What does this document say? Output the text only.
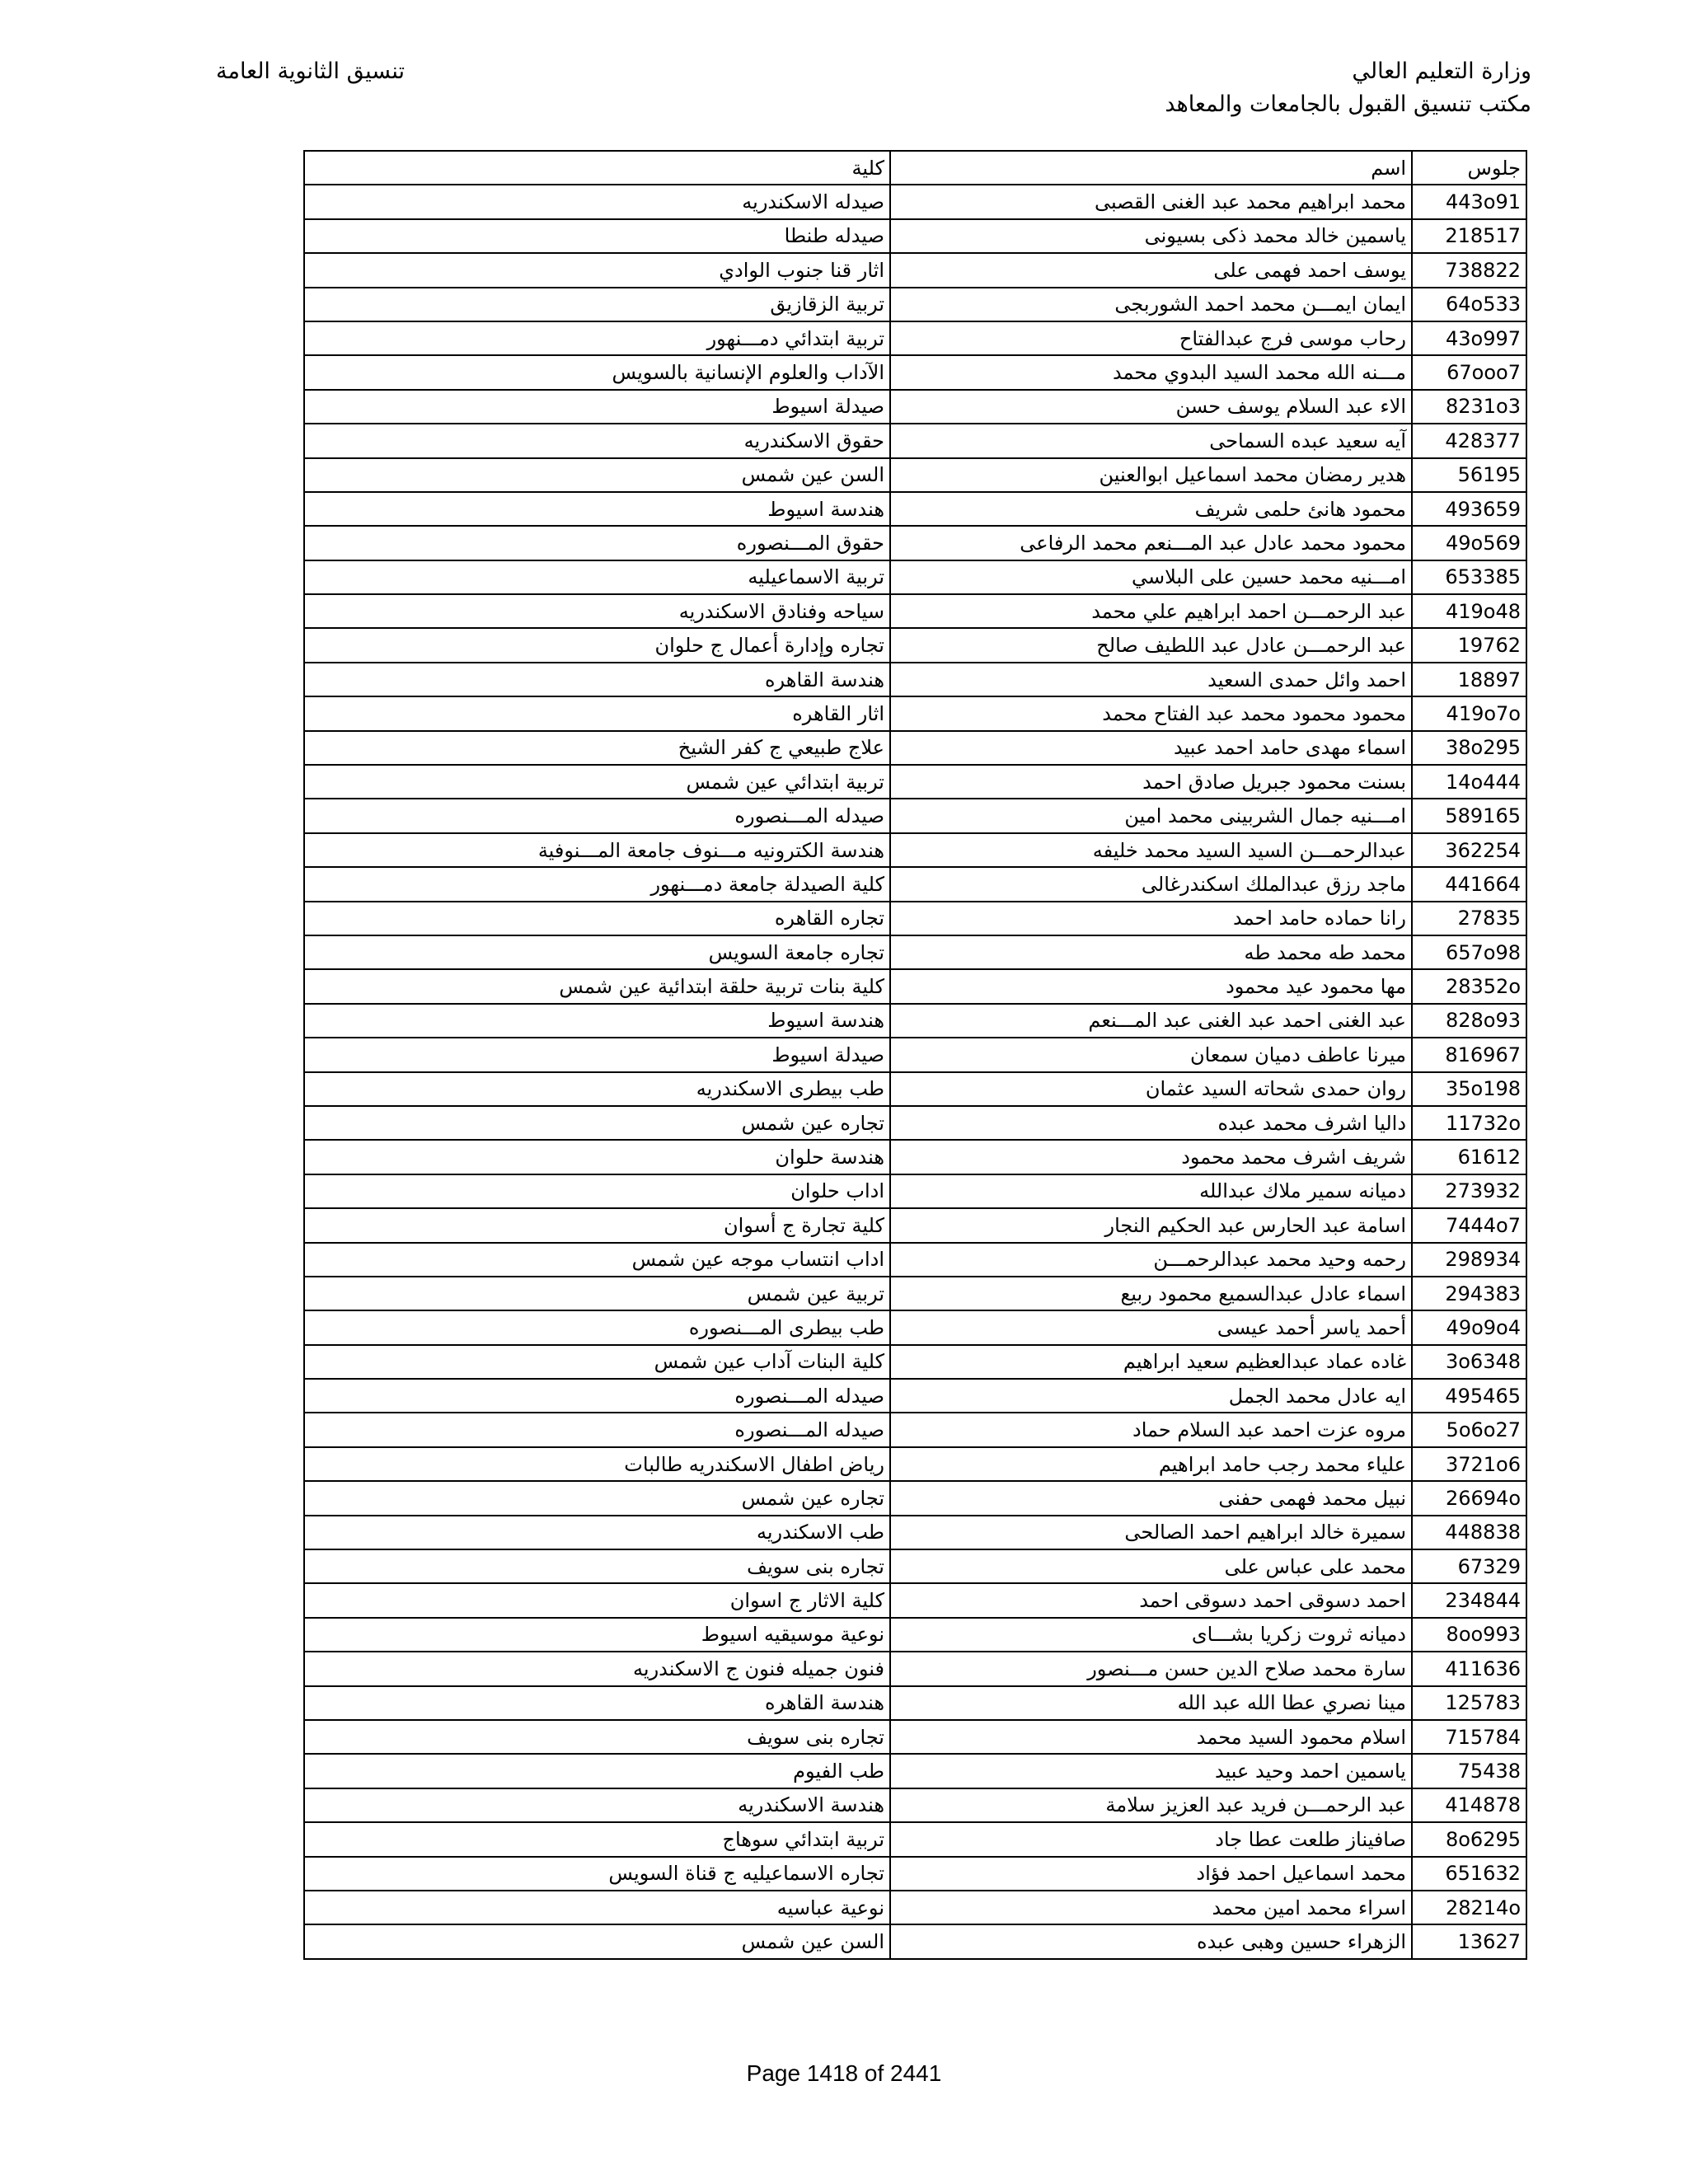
وزارة التعليم العالي
مكتب تنسيق القبول بالجامعات والمعاهد
تنسيق الثانوية العامة
جلوس	اسم	كلية
443o91	محمد ابراهيم محمد عبد الغنى القصبى	صيدله الاسكندريه
218517	ياسمين خالد محمد ذكى بسيونى	صيدله طنطا
738822	يوسف احمد فهمى على	اثار قنا جنوب الوادي
64o533	ايمان ايمـــن محمد احمد الشوربجى	تربية الزقازيق
43o997	رحاب موسى فرج عبدالفتاح	تربية ابتدائي دمـــنهور
67ooo7	مـــنه الله محمد السيد البدوي محمد	الآداب والعلوم الإنسانية بالسويس
8231o3	الاء عبد السلام يوسف حسن	صيدلة اسيوط
428377	آيه سعيد عبده السماحى	حقوق الاسكندريه
56195	هدير رمضان محمد اسماعيل ابوالعنين	السن عين شمس
493659	محمود هانئ حلمى شريف	هندسة اسيوط
49o569	محمود محمد عادل عبد المـــنعم محمد الرفاعى	حقوق المـــنصوره
653385	امـــنيه محمد حسين على البلاسي	تربية الاسماعيليه
419o48	عبد الرحمـــن احمد ابراهيم علي محمد	سياحه وفنادق الاسكندريه
19762	عبد الرحمـــن عادل عبد اللطيف صالح	تجاره وإدارة أعمال ج حلوان
18897	احمد وائل حمدى السعيد	هندسة القاهره
419o7o	محمود محمود محمد عبد الفتاح محمد	اثار القاهره
38o295	اسماء مهدى حامد احمد عبيد	علاج طبيعي ج كفر الشيخ
14o444	بسنت محمود جبريل صادق احمد	تربية ابتدائي عين شمس
589165	امـــنيه جمال الشربينى محمد امين	صيدله المـــنصوره
362254	عبدالرحمـــن السيد السيد محمد خليفه	هندسة الكترونيه مـــنوف جامعة المـــنوفية
441664	ماجد رزق عبدالملك اسكندرغالى	كلية الصيدلة جامعة دمـــنهور
27835	رانا حماده حامد احمد	تجاره القاهره
657o98	محمد طه محمد طه	تجاره جامعة السويس
28352o	مها محمود عيد محمود	كلية بنات تربية حلقة ابتدائية عين شمس
828o93	عبد الغنى احمد عبد الغنى عبد المـــنعم	هندسة اسيوط
816967	ميرنا عاطف دميان سمعان	صيدلة اسيوط
35o198	روان حمدى شحاته السيد عثمان	طب بيطرى الاسكندريه
11732o	داليا اشرف محمد عبده	تجاره عين شمس
61612	شريف اشرف محمد محمود	هندسة حلوان
273932	دميانه سمير ملاك عبدالله	اداب حلوان
7444o7	اسامة عبد الحارس عبد الحكيم النجار	كلية تجارة ج أسوان
298934	رحمه وحيد محمد عبدالرحمـــن	اداب انتساب موجه عين شمس
294383	اسماء عادل عبدالسميع محمود ربيع	تربية عين شمس
49o9o4	أحمد ياسر أحمد عيسى	طب بيطرى المـــنصوره
3o6348	غاده عماد عبدالعظيم سعيد ابراهيم	كلية البنات آداب عين شمس
495465	ايه عادل محمد الجمل	صيدله المـــنصوره
5o6o27	مروه عزت احمد عبد السلام حماد	صيدله المـــنصوره
3721o6	علياء محمد رجب حامد ابراهيم	رياض اطفال الاسكندريه طالبات
26694o	نبيل محمد فهمى حفنى	تجاره عين شمس
448838	سميرة خالد ابراهيم احمد الصالحى	طب الاسكندريه
67329	محمد على عباس على	تجاره بنى سويف
234844	احمد دسوقى احمد دسوقى احمد	كلية الاثار ج اسوان
8oo993	دميانه ثروت زكريا بشـــاى	نوعية موسيقيه اسيوط
411636	سارة محمد صلاح الدين حسن مـــنصور	فنون جميله فنون ج الاسكندريه
125783	مينا نصري عطا الله عبد الله	هندسة القاهره
715784	اسلام محمود السيد محمد	تجاره بنى سويف
75438	ياسمين احمد وحيد عبيد	طب الفيوم
414878	عبد الرحمـــن فريد عبد العزيز سلامة	هندسة الاسكندريه
8o6295	صافيناز طلعت عطا جاد	تربية ابتدائي سوهاج
651632	محمد اسماعيل احمد فؤاد	تجاره الاسماعيليه ج قناة السويس
28214o	اسراء محمد امين محمد	نوعية عباسيه
13627	الزهراء حسين وهبى عبده	السن عين شمس
Page 1418 of 2441
